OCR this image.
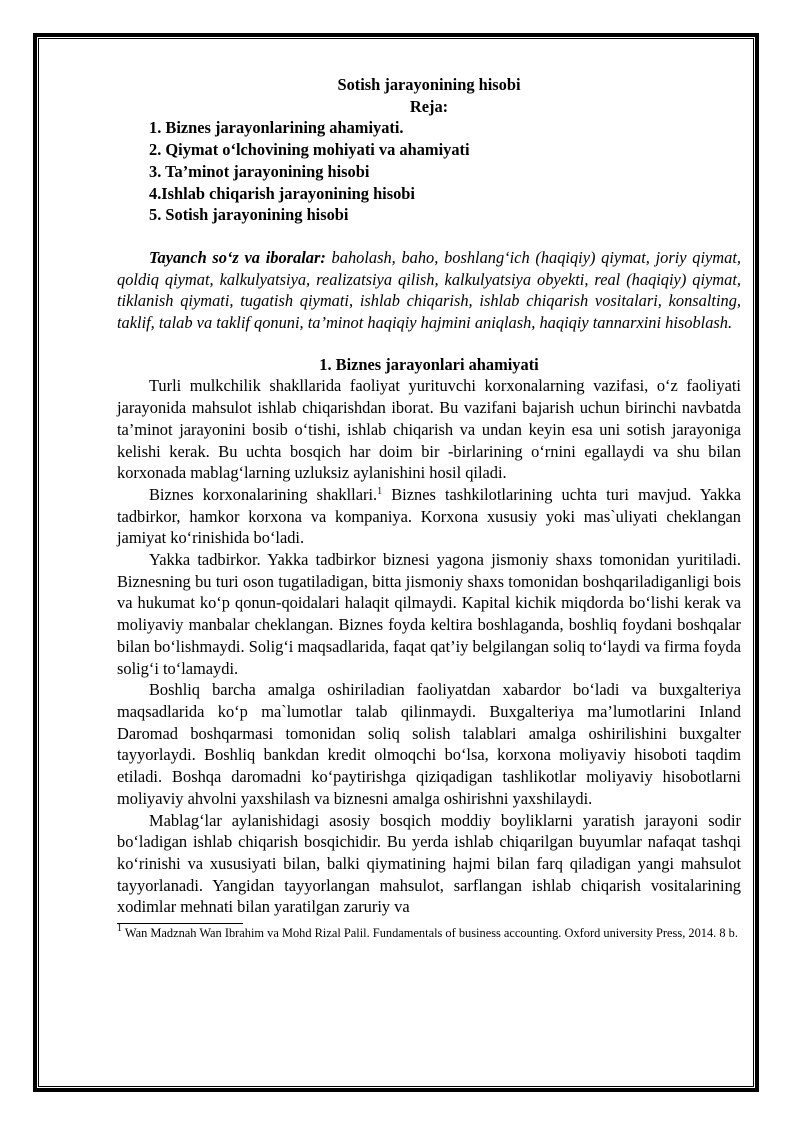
Sotish jarayonining hisobi
Reja:
1. Biznes jarayonlarining ahamiyati.
2. Qiymat o‘lchovining mohiyati va ahamiyati
3. Ta’minot jarayonining hisobi
4.Ishlab chiqarish jarayonining hisobi
5. Sotish jarayonining hisobi

Tayanch so‘z va iboralar: baholash, baho, boshlang‘ich (haqiqiy) qiymat, joriy qiymat, qoldiq qiymat, kalkulyatsiya, realizatsiya qilish, kalkulyatsiya obyekti, real (haqiqiy) qiymat, tiklanish qiymati, tugatish qiymati, ishlab chiqarish, ishlab chiqarish vositalari, konsalting, taklif, talab va taklif qonuni, ta’minot haqiqiy hajmini aniqlash, haqiqiy tannarxini hisoblash.

1. Biznes jarayonlari ahamiyati

Turli mulkchilik shakllarida faoliyat yurituvchi korxonalarning vazifasi, o‘z faoliyati jarayonida mahsulot ishlab chiqarishdan iborat. Bu vazifani bajarish uchun birinchi navbatda ta’minot jarayonini bosib o‘tishi, ishlab chiqarish va undan keyin esa uni sotish jarayoniga kelishi kerak. Bu uchta bosqich har doim bir -birlarining o‘rnini egallaydi va shu bilan korxonada mablag‘larning uzluksiz aylanishini hosil qiladi.

Biznes korxonalarining shakllari.$^1$ Biznes tashkilotlarining uchta turi mavjud. Yakka tadbirkor, hamkor korxona va kompaniya. Korxona xususiy yoki mas`uliyati cheklangan jamiyat ko‘rinishida bo‘ladi.

Yakka tadbirkor. Yakka tadbirkor biznesi yagona jismoniy shaxs tomonidan yuritiladi. Biznesning bu turi oson tugatiladigan, bitta jismoniy shaxs tomonidan boshqariladiganligi bois va hukumat ko‘p qonun-qoidalari halaqit qilmaydi. Kapital kichik miqdorda bo‘lishi kerak va moliyaviy manbalar cheklangan. Biznes foyda keltira boshlaganda, boshliq foydani boshqalar bilan bo‘lishmaydi. Solig‘i maqsadlarida, faqat qat’iy belgilangan soliq to‘laydi va firma foyda solig‘i to‘lamaydi.

Boshliq barcha amalga oshiriladian faoliyatdan xabardor bo‘ladi va buxgalteriya maqsadlarida ko‘p ma`lumotlar talab qilinmaydi. Buxgalteriya ma’lumotlarini Inland Daromad boshqarmasi tomonidan soliq solish talablari amalga oshirilishini buxgalter tayyorlaydi. Boshliq bankdan kredit olmoqchi bo‘lsa, korxona moliyaviy hisoboti taqdim etiladi. Boshqa daromadni ko‘paytirishga qiziqadigan tashlikotlar moliyaviy hisobotlarni moliyaviy ahvolni yaxshilash va biznesni amalga oshirishni yaxshilaydi.

Mablag‘lar aylanishidagi asosiy bosqich moddiy boyliklarni yaratish jarayoni sodir bo‘ladigan ishlab chiqarish bosqichidir. Bu yerda ishlab chiqarilgan buyumlar nafaqat tashqi ko‘rinishi va xususiyati bilan, balki qiymatining hajmi bilan farq qiladigan yangi mahsulot tayyorlanadi. Yangidan tayyorlangan mahsulot, sarflangan ishlab chiqarish vositalarining xodimlar mehnati bilan yaratilgan zaruriy va

$^1$ Wan Madznah Wan Ibrahim va Mohd Rizal Palil. Fundamentals of business accounting. Oxford university Press, 2014. 8 b.
